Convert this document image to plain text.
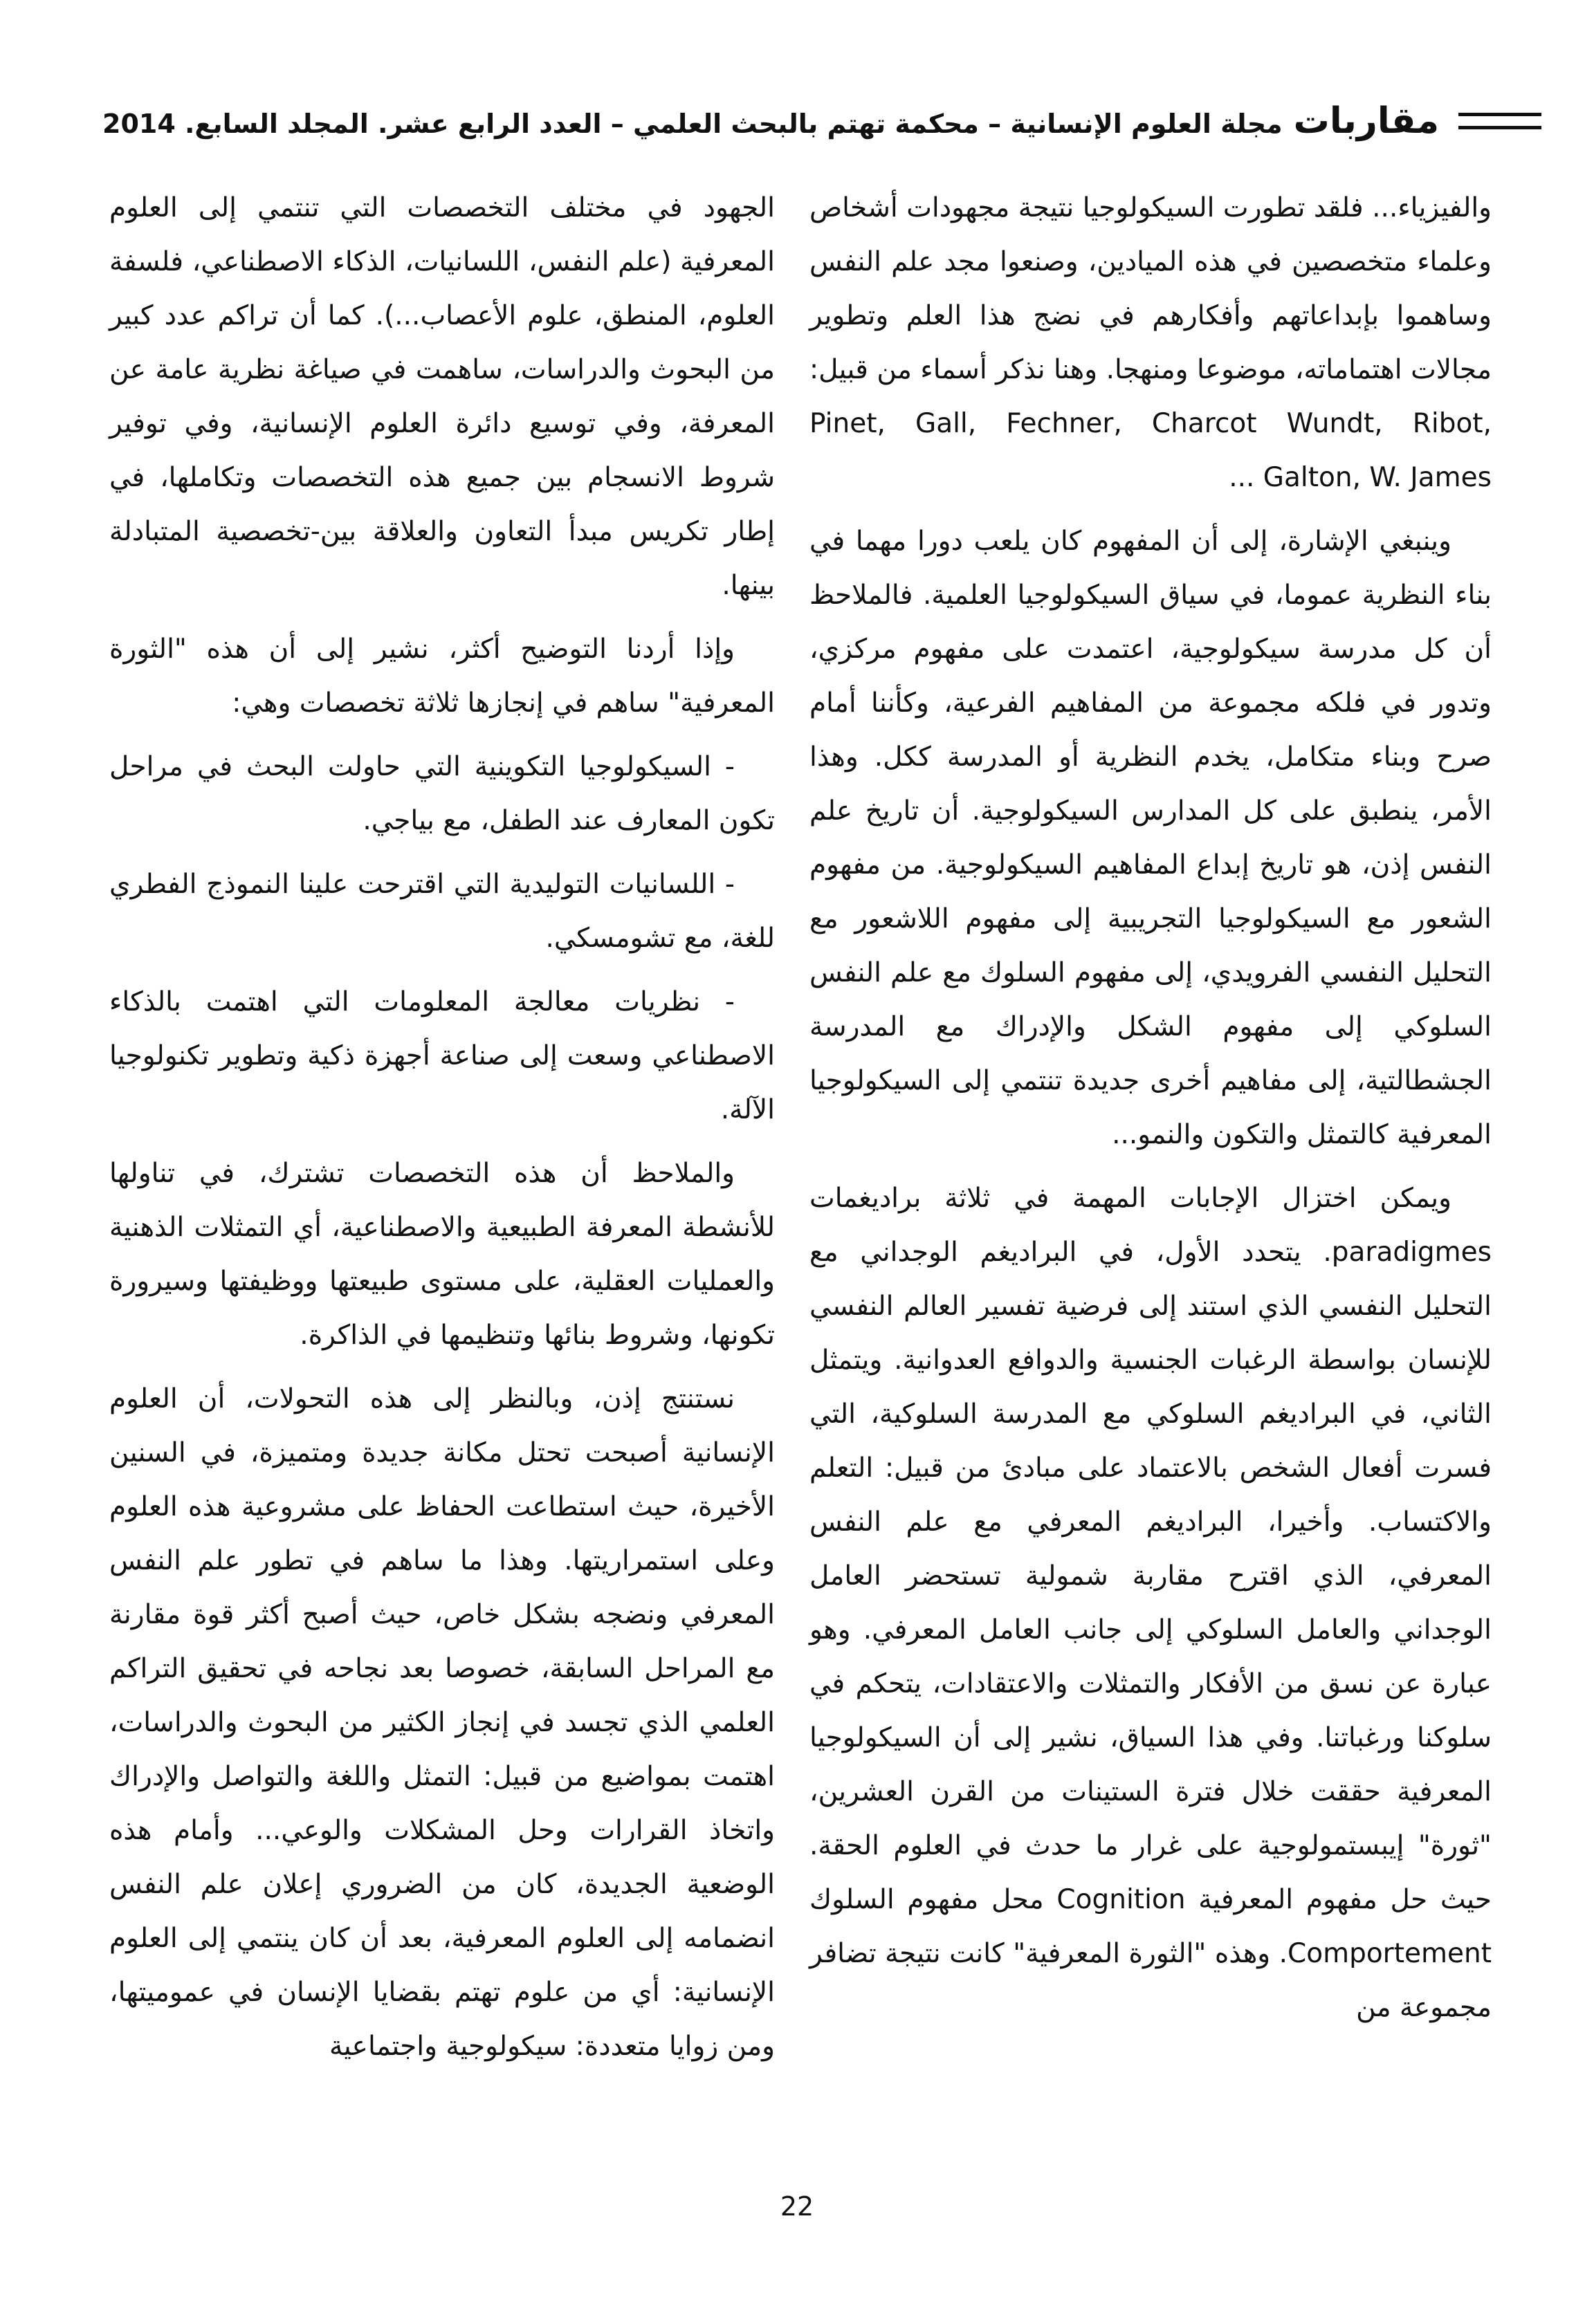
مقاربات
مجلة العلوم الإنسانية – محكمة تهتم بالبحث العلمي – العدد الرابع عشر. المجلد السابع. 2014

والفيزياء... فلقد تطورت السيكولوجيا نتيجة مجهودات أشخاص وعلماء متخصصين في هذه الميادين، وصنعوا مجد علم النفس وساهموا بإبداعاتهم وأفكارهم في نضج هذا العلم وتطوير مجالات اهتماماته، موضوعا ومنهجا. وهنا نذكر أسماء من قبيل: Pinet, Gall, Fechner, Charcot Wundt, Ribot, Galton, W. James ...

وينبغي الإشارة، إلى أن المفهوم كان يلعب دورا مهما في بناء النظرية عموما، في سياق السيكولوجيا العلمية. فالملاحظ أن كل مدرسة سيكولوجية، اعتمدت على مفهوم مركزي، وتدور في فلكه مجموعة من المفاهيم الفرعية، وكأننا أمام صرح وبناء متكامل، يخدم النظرية أو المدرسة ككل. وهذا الأمر، ينطبق على كل المدارس السيكولوجية. أن تاريخ علم النفس إذن، هو تاريخ إبداع المفاهيم السيكولوجية. من مفهوم الشعور مع السيكولوجيا التجريبية إلى مفهوم اللاشعور مع التحليل النفسي الفرويدي، إلى مفهوم السلوك مع علم النفس السلوكي إلى مفهوم الشكل والإدراك مع المدرسة الجشطالتية، إلى مفاهيم أخرى جديدة تنتمي إلى السيكولوجيا المعرفية كالتمثل والتكون والنمو...

ويمكن اختزال الإجابات المهمة في ثلاثة براديغمات paradigmes. يتحدد الأول، في البراديغم الوجداني مع التحليل النفسي الذي استند إلى فرضية تفسير العالم النفسي للإنسان بواسطة الرغبات الجنسية والدوافع العدوانية. ويتمثل الثاني، في البراديغم السلوكي مع المدرسة السلوكية، التي فسرت أفعال الشخص بالاعتماد على مبادئ من قبيل: التعلم والاكتساب. وأخيرا، البراديغم المعرفي مع علم النفس المعرفي، الذي اقترح مقاربة شمولية تستحضر العامل الوجداني والعامل السلوكي إلى جانب العامل المعرفي. وهو عبارة عن نسق من الأفكار والتمثلات والاعتقادات، يتحكم في سلوكنا ورغباتنا. وفي هذا السياق، نشير إلى أن السيكولوجيا المعرفية حققت خلال فترة الستينات من القرن العشرين، "ثورة" إيبستمولوجية على غرار ما حدث في العلوم الحقة. حيث حل مفهوم المعرفية Cognition محل مفهوم السلوك Comportement. وهذه "الثورة المعرفية" كانت نتيجة تضافر مجموعة من

الجهود في مختلف التخصصات التي تنتمي إلى العلوم المعرفية (علم النفس، اللسانيات، الذكاء الاصطناعي، فلسفة العلوم، المنطق، علوم الأعصاب...). كما أن تراكم عدد كبير من البحوث والدراسات، ساهمت في صياغة نظرية عامة عن المعرفة، وفي توسيع دائرة العلوم الإنسانية، وفي توفير شروط الانسجام بين جميع هذه التخصصات وتكاملها، في إطار تكريس مبدأ التعاون والعلاقة بين-تخصصية المتبادلة بينها.

وإذا أردنا التوضيح أكثر، نشير إلى أن هذه "الثورة المعرفية" ساهم في إنجازها ثلاثة تخصصات وهي:

- السيكولوجيا التكوينية التي حاولت البحث في مراحل تكون المعارف عند الطفل، مع بياجي.

- اللسانيات التوليدية التي اقترحت علينا النموذج الفطري للغة، مع تشومسكي.

- نظريات معالجة المعلومات التي اهتمت بالذكاء الاصطناعي وسعت إلى صناعة أجهزة ذكية وتطوير تكنولوجيا الآلة.

والملاحظ أن هذه التخصصات تشترك، في تناولها للأنشطة المعرفة الطبيعية والاصطناعية، أي التمثلات الذهنية والعمليات العقلية، على مستوى طبيعتها ووظيفتها وسيرورة تكونها، وشروط بنائها وتنظيمها في الذاكرة.

نستنتج إذن، وبالنظر إلى هذه التحولات، أن العلوم الإنسانية أصبحت تحتل مكانة جديدة ومتميزة، في السنين الأخيرة، حيث استطاعت الحفاظ على مشروعية هذه العلوم وعلى استمراريتها. وهذا ما ساهم في تطور علم النفس المعرفي ونضجه بشكل خاص، حيث أصبح أكثر قوة مقارنة مع المراحل السابقة، خصوصا بعد نجاحه في تحقيق التراكم العلمي الذي تجسد في إنجاز الكثير من البحوث والدراسات، اهتمت بمواضيع من قبيل: التمثل واللغة والتواصل والإدراك واتخاذ القرارات وحل المشكلات والوعي... وأمام هذه الوضعية الجديدة، كان من الضروري إعلان علم النفس انضمامه إلى العلوم المعرفية، بعد أن كان ينتمي إلى العلوم الإنسانية: أي من علوم تهتم بقضايا الإنسان في عموميتها، ومن زوايا متعددة: سيكولوجية واجتماعية

22
